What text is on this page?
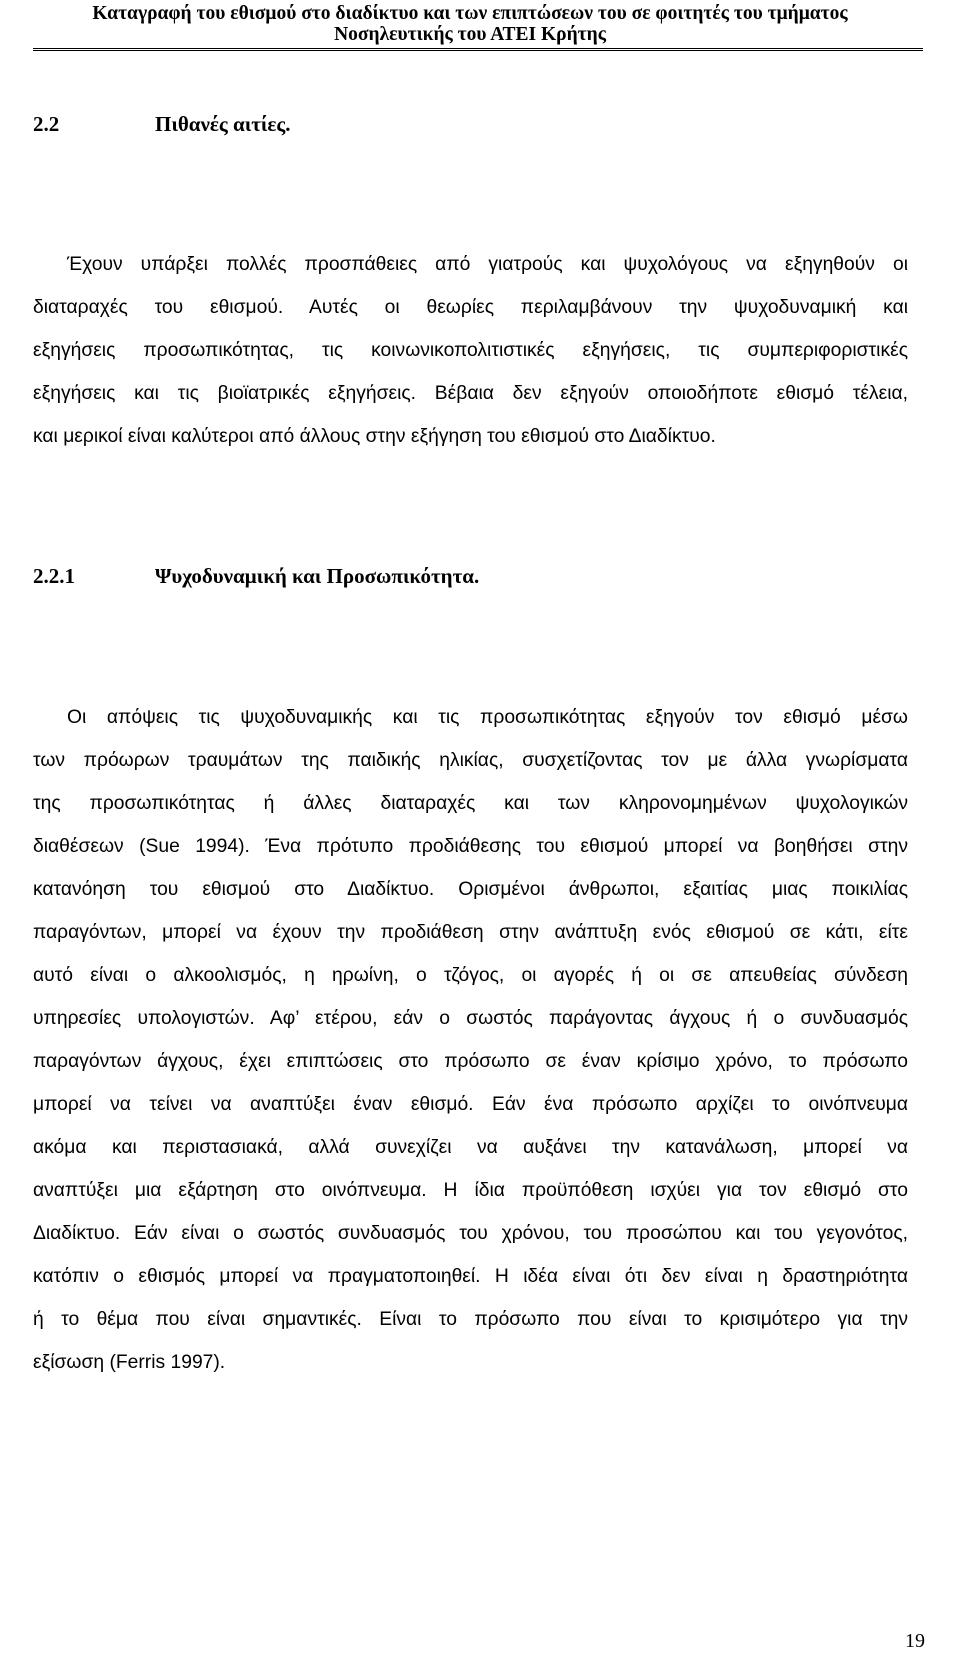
Καταγραφή του εθισμού στο διαδίκτυο και των επιπτώσεων του σε φοιτητές του τμήματος
Νοσηλευτικής του ΑΤΕΙ Κρήτης
2.2	Πιθανές αιτίες.
Έχουν υπάρξει πολλές προσπάθειες από γιατρούς και ψυχολόγους να εξηγηθούν οι
διαταραχές του εθισμού. Αυτές οι θεωρίες περιλαμβάνουν την ψυχοδυναμική και
εξηγήσεις προσωπικότητας, τις κοινωνικοπολιτιστικές εξηγήσεις, τις συμπεριφοριστικές
εξηγήσεις και τις βιοϊατρικές εξηγήσεις. Βέβαια δεν εξηγούν οποιοδήποτε εθισμό τέλεια,
και μερικοί είναι καλύτεροι από άλλους στην εξήγηση του εθισμού στο Διαδίκτυο.
2.2.1	Ψυχοδυναμική και Προσωπικότητα.
Οι απόψεις τις ψυχοδυναμικής και τις προσωπικότητας εξηγούν τον εθισμό μέσω
των πρόωρων τραυμάτων της παιδικής ηλικίας, συσχετίζοντας τον με άλλα γνωρίσματα
της προσωπικότητας ή άλλες διαταραχές και των κληρονομημένων ψυχολογικών
διαθέσεων (Sue 1994). Ένα πρότυπο προδιάθεσης του εθισμού μπορεί να βοηθήσει στην
κατανόηση του εθισμού στο Διαδίκτυο. Ορισμένοι άνθρωποι, εξαιτίας μιας ποικιλίας
παραγόντων, μπορεί να έχουν την προδιάθεση στην ανάπτυξη ενός εθισμού σε κάτι, είτε
αυτό είναι ο αλκοολισμός, η ηρωίνη, ο τζόγος, οι αγορές ή οι σε απευθείας σύνδεση
υπηρεσίες υπολογιστών. Αφ’ ετέρου, εάν ο σωστός παράγοντας άγχους ή ο συνδυασμός
παραγόντων άγχους, έχει επιπτώσεις στο πρόσωπο σε έναν κρίσιμο χρόνο, το πρόσωπο
μπορεί να τείνει να αναπτύξει έναν εθισμό. Εάν ένα πρόσωπο αρχίζει το οινόπνευμα
ακόμα και περιστασιακά, αλλά συνεχίζει να αυξάνει την κατανάλωση, μπορεί να
αναπτύξει μια εξάρτηση στο οινόπνευμα. Η ίδια προϋπόθεση ισχύει για τον εθισμό στο
Διαδίκτυο. Εάν είναι ο σωστός συνδυασμός του χρόνου, του προσώπου και του γεγονότος,
κατόπιν ο εθισμός μπορεί να πραγματοποιηθεί. Η ιδέα είναι ότι δεν είναι η δραστηριότητα
ή το θέμα που είναι σημαντικές. Είναι το πρόσωπο που είναι το κρισιμότερο για την
εξίσωση (Ferris 1997).
19
